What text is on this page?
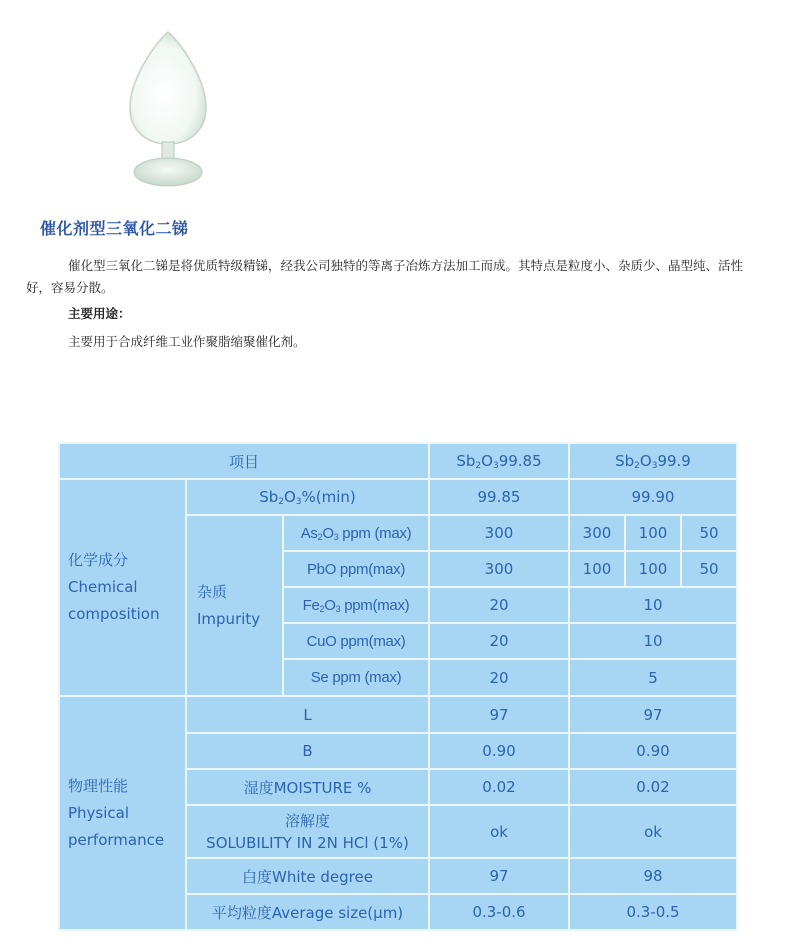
催化剂型三氧化二锑

催化型三氧化二锑是将优质特级精锑，经我公司独特的等离子冶炼方法加工而成。其特点是粒度小、杂质少、晶型纯、活性好，容易分散。

主要用途：

主要用于合成纤维工业作聚脂缩聚催化剂。

项目			$Sb_2O_399.85$	$Sb_2O_399.9$		

化学成分
Chemical
composition	$Sb_2O_3\%(\min)$		99.85	99.90		

	杂质
Impurity	$As_2O_3$ ppm (max)	300	300	100	50
		PbO ppm(max)	300	100	100	50
		$Fe_2O_3$ ppm(max)	20	10		
		CuO ppm(max)	20	10		
		Se ppm (max)	20	5		

物理性能
Physical
performance	L		97	97		
	B		0.90	0.90		
	湿度MOISTURE %		0.02	0.02		

	溶解度
SOLUBILITY IN 2N HCl (1%)		ok	ok		
	白度White degree		97	98		
	平均粒度Average size(μm)		0.3-0.6	0.3-0.5		
